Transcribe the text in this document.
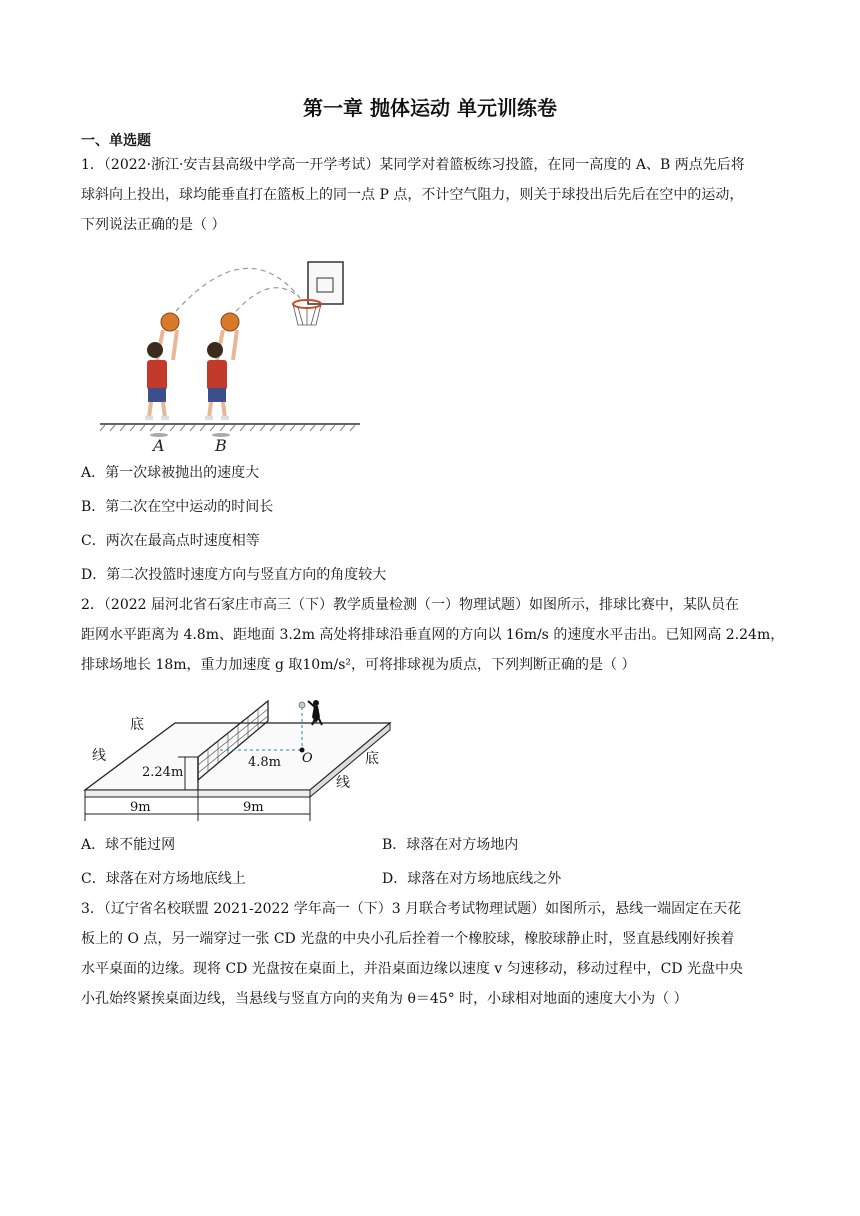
第一章 抛体运动 单元训练卷
一、单选题

1．（2022·浙江·安吉县高级中学高一开学考试）某同学对着篮板练习投篮，在同一高度的 A、B 两点先后将

球斜向上投出，球均能垂直打在篮板上的同一点 P 点，不计空气阻力，则关于球投出后先后在空中的运动，

下列说法正确的是（ ）

A	B
A．第一次球被抛出的速度大
B．第二次在空中运动的时间长
C．两次在最高点时速度相等
D．第二次投篮时速度方向与竖直方向的角度较大

2．（2022 届河北省石家庄市高三（下）教学质量检测（一）物理试题）如图所示，排球比赛中，某队员在

距网水平距离为 4.8m、距地面 3.2m 高处将排球沿垂直网的方向以 16m/s 的速度水平击出。已知网高 2.24m，

排球场地长 18m，重力加速度 g 取10m/s²，可将排球视为质点，下列判断正确的是（ ）

2.24m
4.8m O
底
线	底
线
9m	9m
A．球不能过网	B．球落在对方场地内
C．球落在对方场地底线上	D．球落在对方场地底线之外

3．（辽宁省名校联盟 2021-2022 学年高一（下）3 月联合考试物理试题）如图所示，悬线一端固定在天花

板上的 O 点，另一端穿过一张 CD 光盘的中央小孔后拴着一个橡胶球，橡胶球静止时，竖直悬线刚好挨着

水平桌面的边缘。现将 CD 光盘按在桌面上，并沿桌面边缘以速度 v 匀速移动，移动过程中，CD 光盘中央

小孔始终紧挨桌面边线，当悬线与竖直方向的夹角为 θ＝45° 时，小球相对地面的速度大小为（ ）
